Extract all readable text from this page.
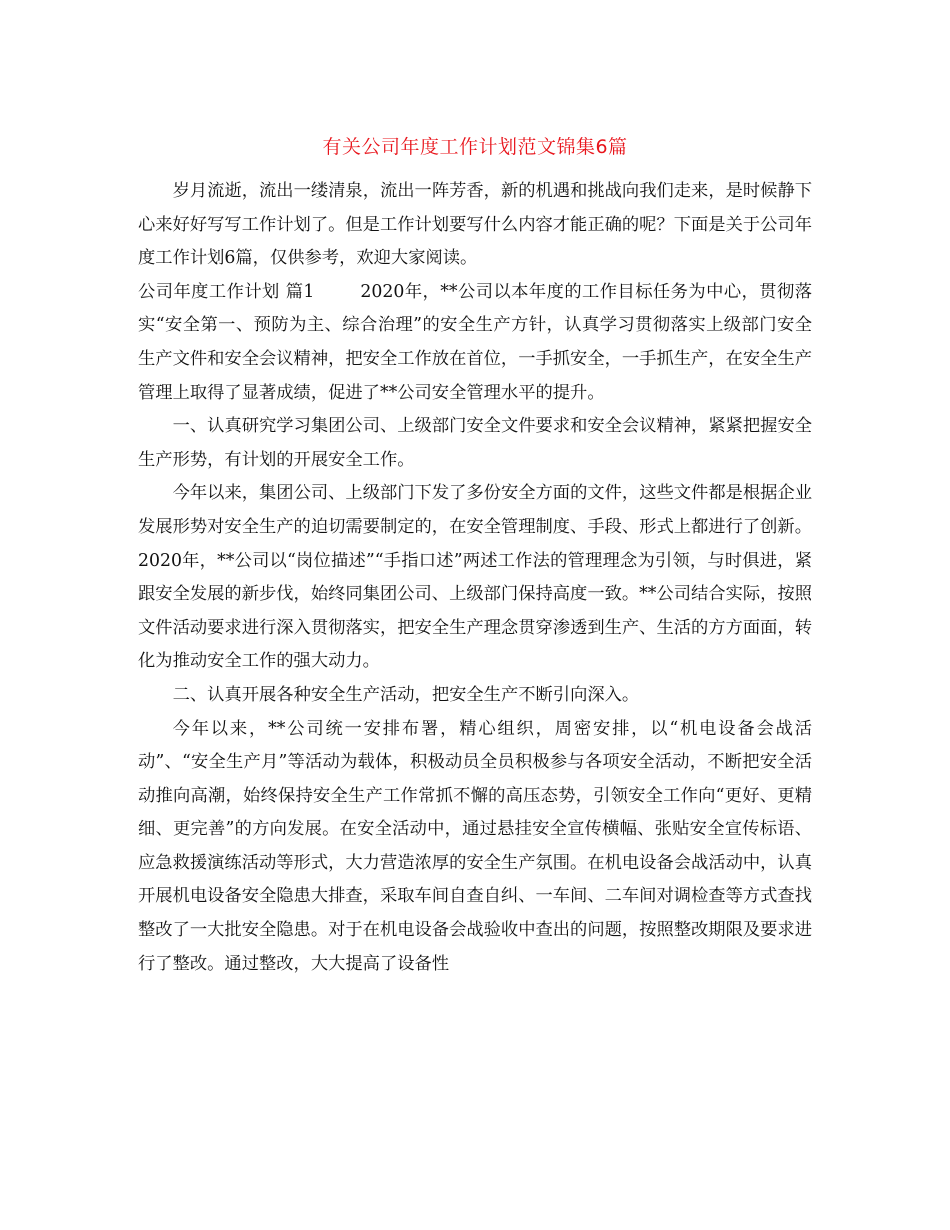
有关公司年度工作计划范文锦集6篇

岁月流逝，流出一缕清泉，流出一阵芳香，新的机遇和挑战向我们走来，是时候静下心来好好写写工作计划了。但是工作计划要写什么内容才能正确的呢？下面是关于公司年度工作计划6篇，仅供参考，欢迎大家阅读。

公司年度工作计划 篇1	2020年，**公司以本年度的工作目标任务为中心，贯彻落实“安全第一、预防为主、综合治理”的安全生产方针，认真学习贯彻落实上级部门安全生产文件和安全会议精神，把安全工作放在首位，一手抓安全，一手抓生产，在安全生产管理上取得了显著成绩，促进了**公司安全管理水平的提升。

一、认真研究学习集团公司、上级部门安全文件要求和安全会议精神，紧紧把握安全生产形势，有计划的开展安全工作。

今年以来，集团公司、上级部门下发了多份安全方面的文件，这些文件都是根据企业发展形势对安全生产的迫切需要制定的，在安全管理制度、手段、形式上都进行了创新。2020年，**公司以“岗位描述”“手指口述”两述工作法的管理理念为引领，与时俱进，紧跟安全发展的新步伐，始终同集团公司、上级部门保持高度一致。**公司结合实际，按照文件活动要求进行深入贯彻落实，把安全生产理念贯穿渗透到生产、生活的方方面面，转化为推动安全工作的强大动力。

二、认真开展各种安全生产活动，把安全生产不断引向深入。

今年以来，**公司统一安排布署，精心组织，周密安排，以“机电设备会战活动”、“安全生产月”等活动为载体，积极动员全员积极参与各项安全活动，不断把安全活动推向高潮，始终保持安全生产工作常抓不懈的高压态势，引领安全工作向“更好、更精细、更完善”的方向发展。在安全活动中，通过悬挂安全宣传横幅、张贴安全宣传标语、应急救援演练活动等形式，大力营造浓厚的安全生产氛围。在机电设备会战活动中，认真开展机电设备安全隐患大排查，采取车间自查自纠、一车间、二车间对调检查等方式查找整改了一大批安全隐患。对于在机电设备会战验收中查出的问题，按照整改期限及要求进行了整改。通过整改，大大提高了设备性
